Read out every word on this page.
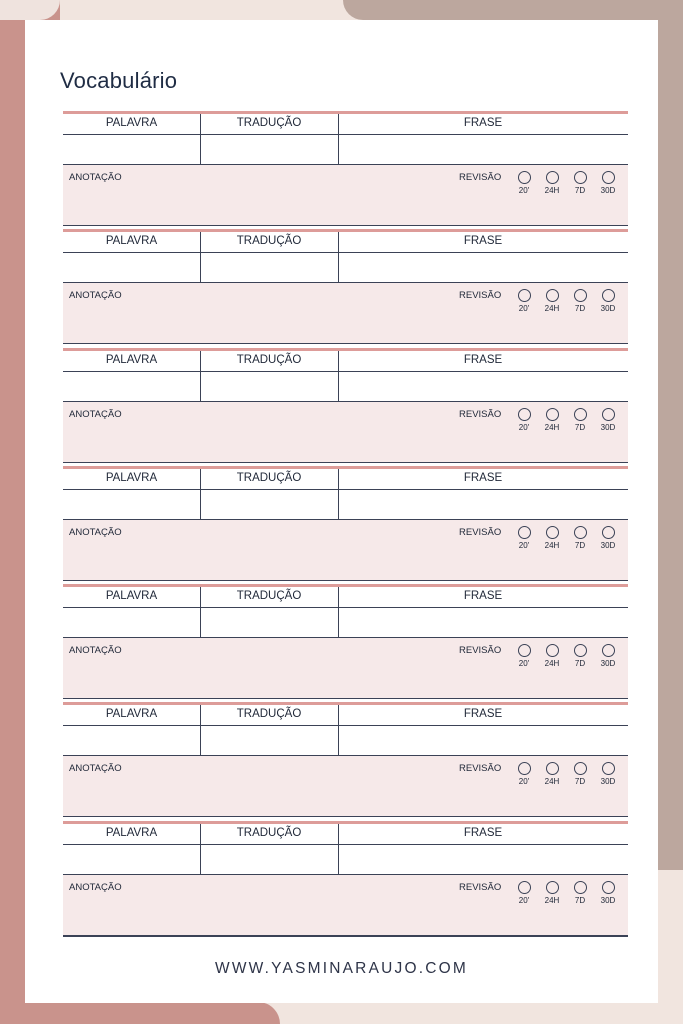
Vocabulário
PALAVRA	TRADUÇÃO	FRASE
ANOTAÇÃO	REVISÃO
20'	24H	7D	30D
PALAVRA	TRADUÇÃO	FRASE
ANOTAÇÃO	REVISÃO
20'	24H	7D	30D
PALAVRA	TRADUÇÃO	FRASE
ANOTAÇÃO	REVISÃO
20'	24H	7D	30D
PALAVRA	TRADUÇÃO	FRASE
ANOTAÇÃO	REVISÃO
20'	24H	7D	30D
PALAVRA	TRADUÇÃO	FRASE
ANOTAÇÃO	REVISÃO
20'	24H	7D	30D
PALAVRA	TRADUÇÃO	FRASE
ANOTAÇÃO	REVISÃO
20'	24H	7D	30D
PALAVRA	TRADUÇÃO	FRASE
ANOTAÇÃO	REVISÃO
20'	24H	7D	30D
WWW.YASMINARAUJO.COM
